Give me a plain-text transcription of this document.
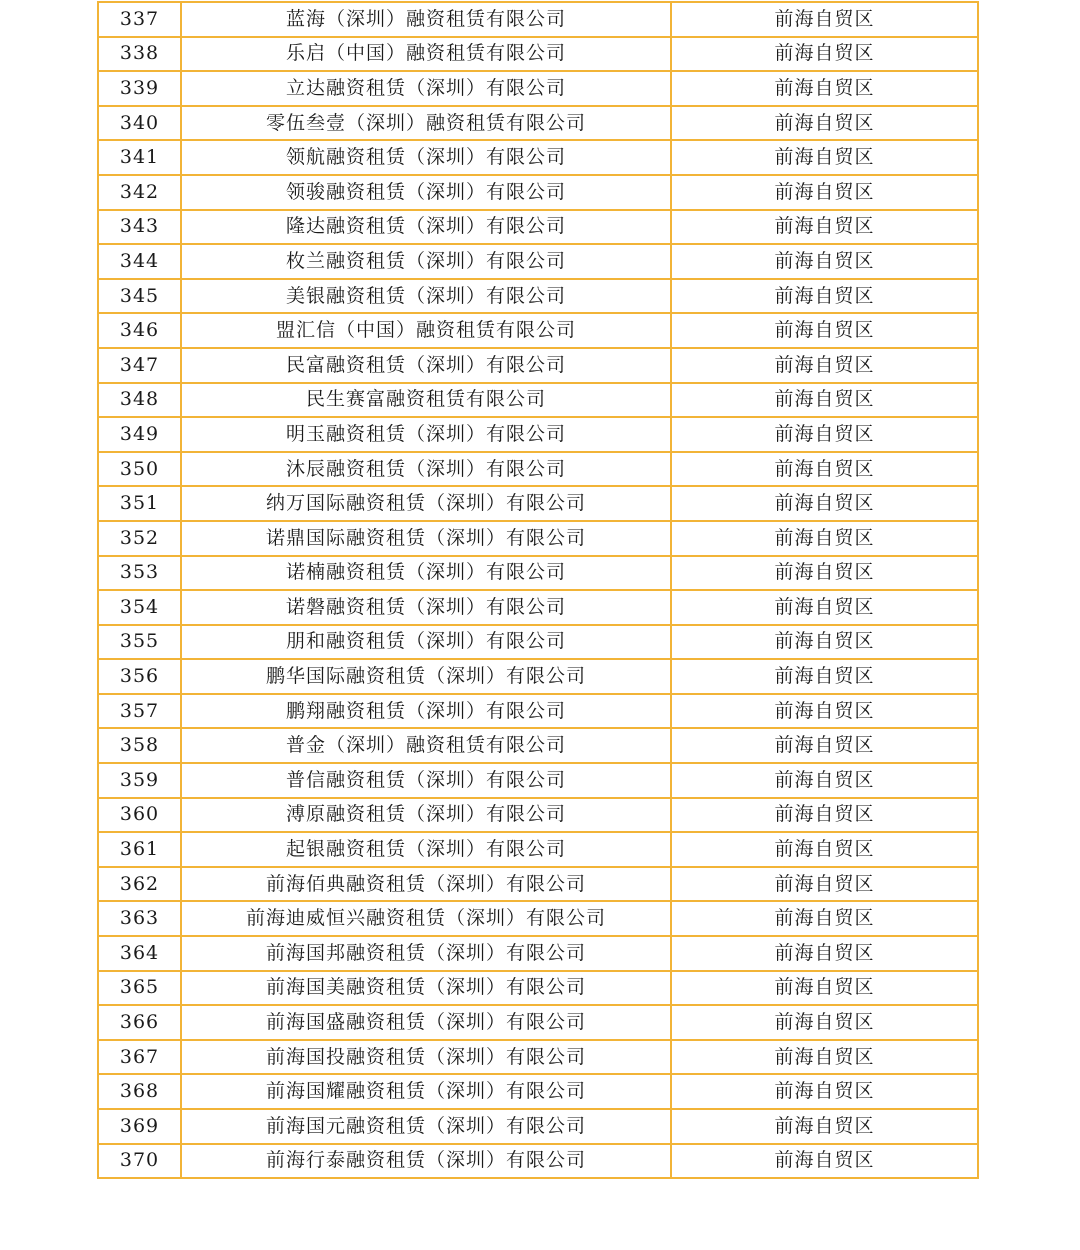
337	蓝海（深圳）融资租赁有限公司	前海自贸区
338	乐启（中国）融资租赁有限公司	前海自贸区
339	立达融资租赁（深圳）有限公司	前海自贸区
340	零伍叁壹（深圳）融资租赁有限公司	前海自贸区
341	领航融资租赁（深圳）有限公司	前海自贸区
342	领骏融资租赁（深圳）有限公司	前海自贸区
343	隆达融资租赁（深圳）有限公司	前海自贸区
344	枚兰融资租赁（深圳）有限公司	前海自贸区
345	美银融资租赁（深圳）有限公司	前海自贸区
346	盟汇信（中国）融资租赁有限公司	前海自贸区
347	民富融资租赁（深圳）有限公司	前海自贸区
348	民生赛富融资租赁有限公司	前海自贸区
349	明玉融资租赁（深圳）有限公司	前海自贸区
350	沐辰融资租赁（深圳）有限公司	前海自贸区
351	纳万国际融资租赁（深圳）有限公司	前海自贸区
352	诺鼎国际融资租赁（深圳）有限公司	前海自贸区
353	诺楠融资租赁（深圳）有限公司	前海自贸区
354	诺磐融资租赁（深圳）有限公司	前海自贸区
355	朋和融资租赁（深圳）有限公司	前海自贸区
356	鹏华国际融资租赁（深圳）有限公司	前海自贸区
357	鹏翔融资租赁（深圳）有限公司	前海自贸区
358	普金（深圳）融资租赁有限公司	前海自贸区
359	普信融资租赁（深圳）有限公司	前海自贸区
360	溥原融资租赁（深圳）有限公司	前海自贸区
361	起银融资租赁（深圳）有限公司	前海自贸区
362	前海佰典融资租赁（深圳）有限公司	前海自贸区
363	前海迪威恒兴融资租赁（深圳）有限公司	前海自贸区
364	前海国邦融资租赁（深圳）有限公司	前海自贸区
365	前海国美融资租赁（深圳）有限公司	前海自贸区
366	前海国盛融资租赁（深圳）有限公司	前海自贸区
367	前海国投融资租赁（深圳）有限公司	前海自贸区
368	前海国耀融资租赁（深圳）有限公司	前海自贸区
369	前海国元融资租赁（深圳）有限公司	前海自贸区
370	前海行泰融资租赁（深圳）有限公司	前海自贸区
